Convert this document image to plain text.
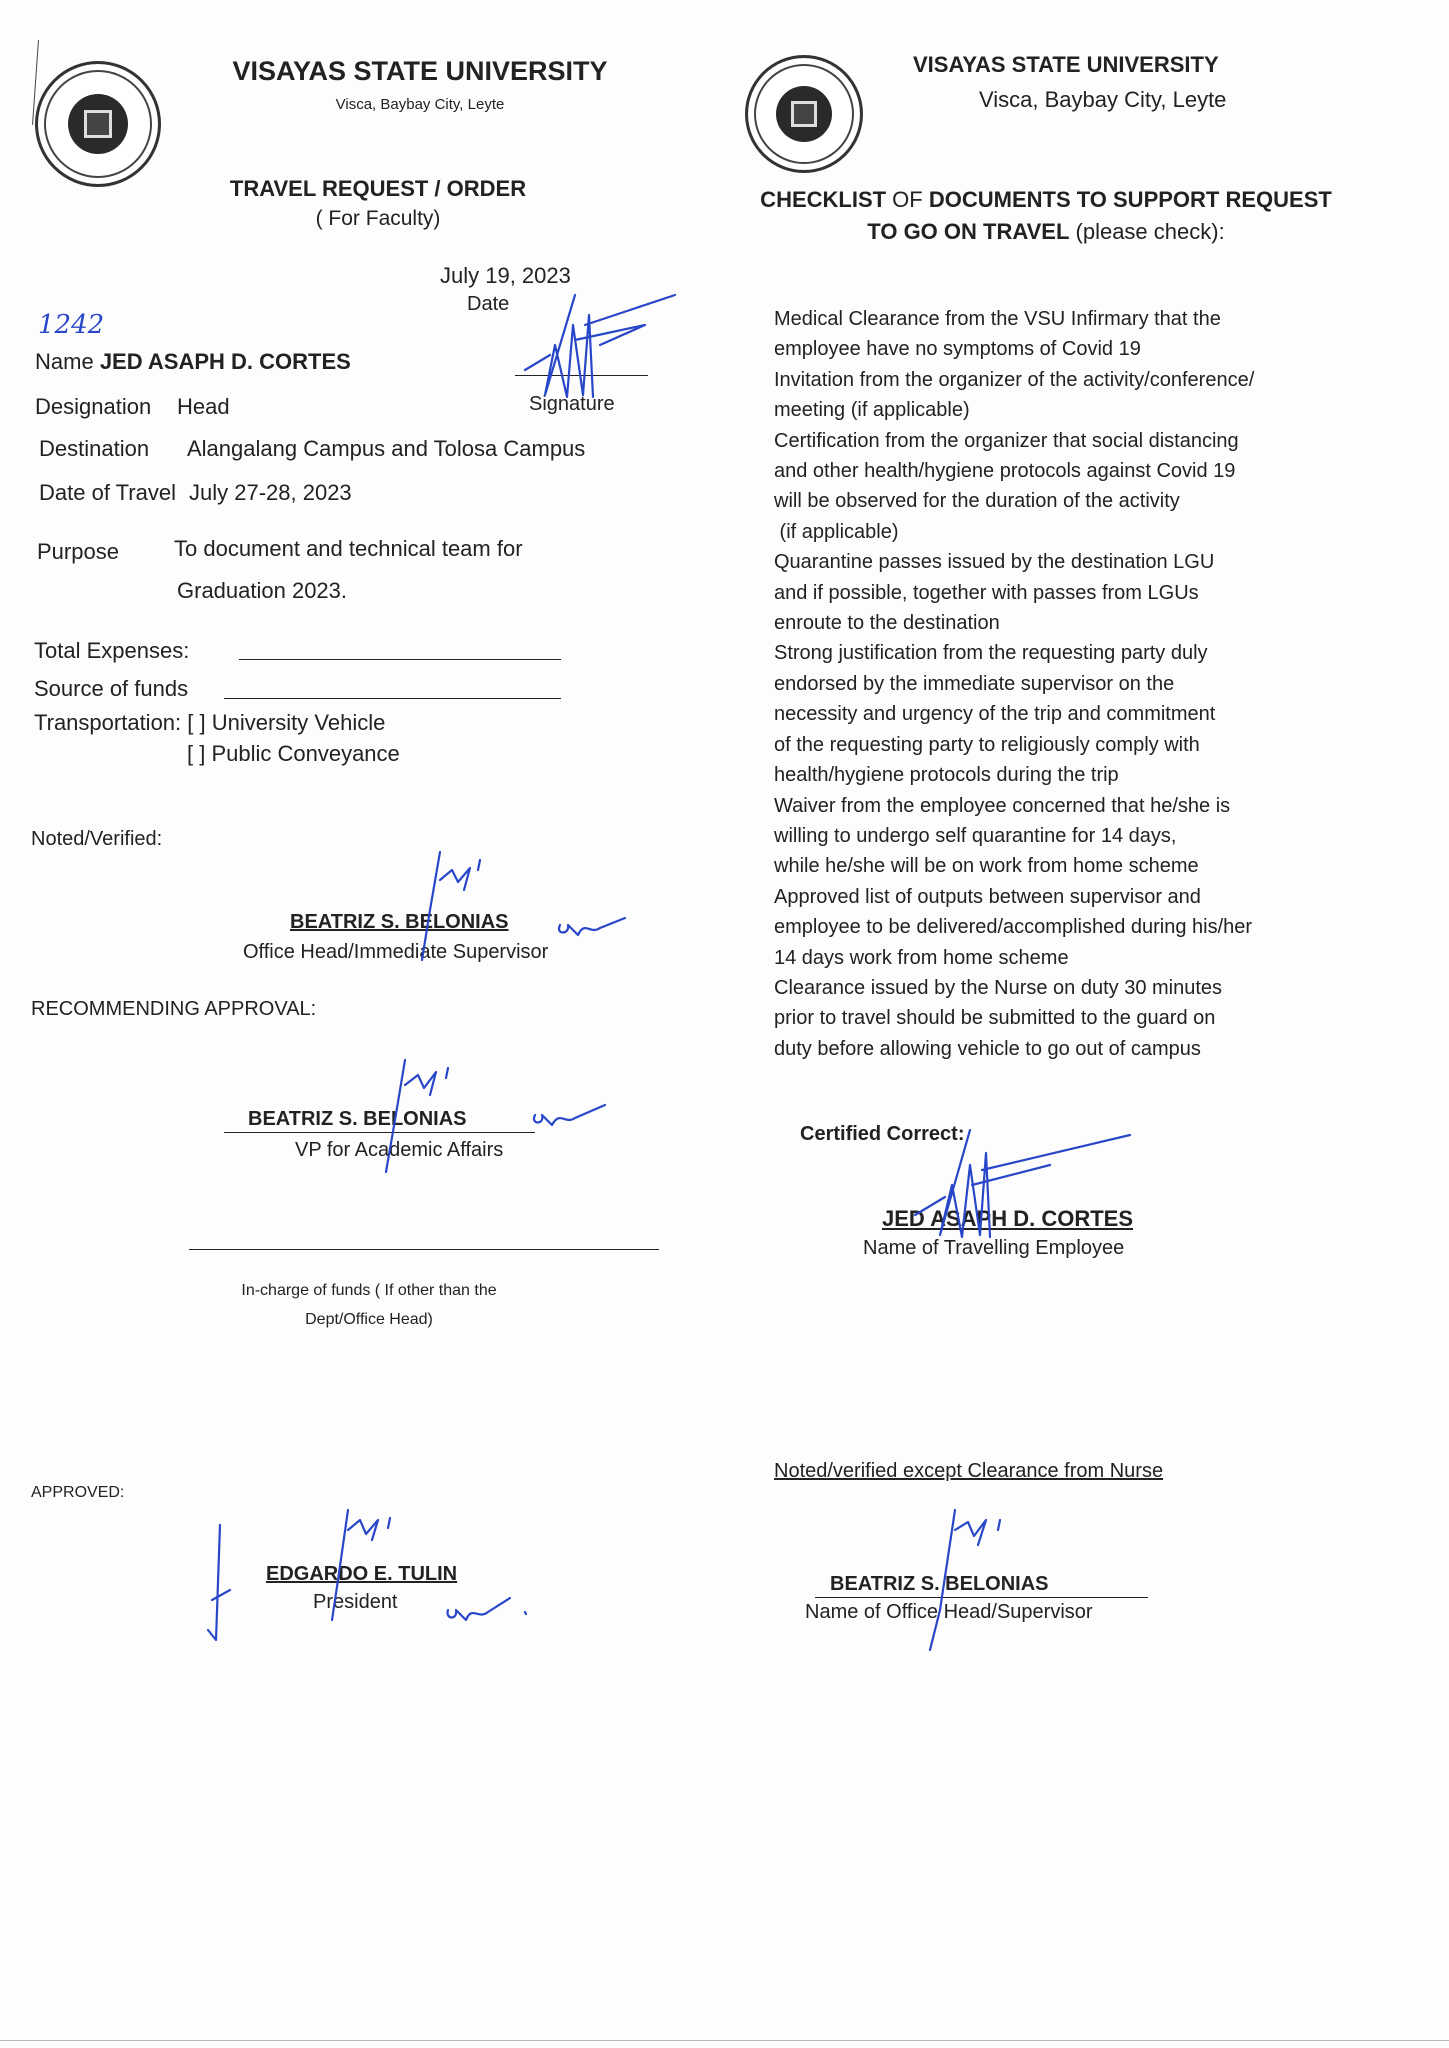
VISAYAS STATE UNIVERSITY
Visca, Baybay City, Leyte
TRAVEL REQUEST / ORDER
( For Faculty)
July 19, 2023
Date
1242
Signature
Name JED ASAPH D. CORTES
Designation Head
Destination Alangalang Campus and Tolosa Campus
Date of Travel July 27-28, 2023
Purpose	To document and technical team for
Graduation 2023.
Total Expenses:
Source of funds
Transportation: [ ] University Vehicle
[ ] Public Conveyance
Noted/Verified:
BEATRIZ S. BELONIAS
Office Head/Immediate Supervisor
RECOMMENDING APPROVAL:
BEATRIZ S. BELONIAS
VP for Academic Affairs
In-charge of funds ( If other than the
Dept/Office Head)
APPROVED:
EDGARDO E. TULIN
President
VISAYAS STATE UNIVERSITY
Visca, Baybay City, Leyte
CHECKLIST OF DOCUMENTS TO SUPPORT REQUEST
TO GO ON TRAVEL (please check):
Medical Clearance from the VSU Infirmary that the
employee have no symptoms of Covid 19
Invitation from the organizer of the activity/conference/
meeting (if applicable)
Certification from the organizer that social distancing
and other health/hygiene protocols against Covid 19
will be observed for the duration of the activity
(if applicable)
Quarantine passes issued by the destination LGU
and if possible, together with passes from LGUs
enroute to the destination
Strong justification from the requesting party duly
endorsed by the immediate supervisor on the
necessity and urgency of the trip and commitment
of the requesting party to religiously comply with
health/hygiene protocols during the trip
Waiver from the employee concerned that he/she is
willing to undergo self quarantine for 14 days,
while he/she will be on work from home scheme
Approved list of outputs between supervisor and
employee to be delivered/accomplished during his/her
14 days work from home scheme
Clearance issued by the Nurse on duty 30 minutes
prior to travel should be submitted to the guard on
duty before allowing vehicle to go out of campus
Certified Correct:
JED ASAPH D. CORTES
Name of Travelling Employee
Noted/verified except Clearance from Nurse
BEATRIZ S. BELONIAS
Name of Office Head/Supervisor
